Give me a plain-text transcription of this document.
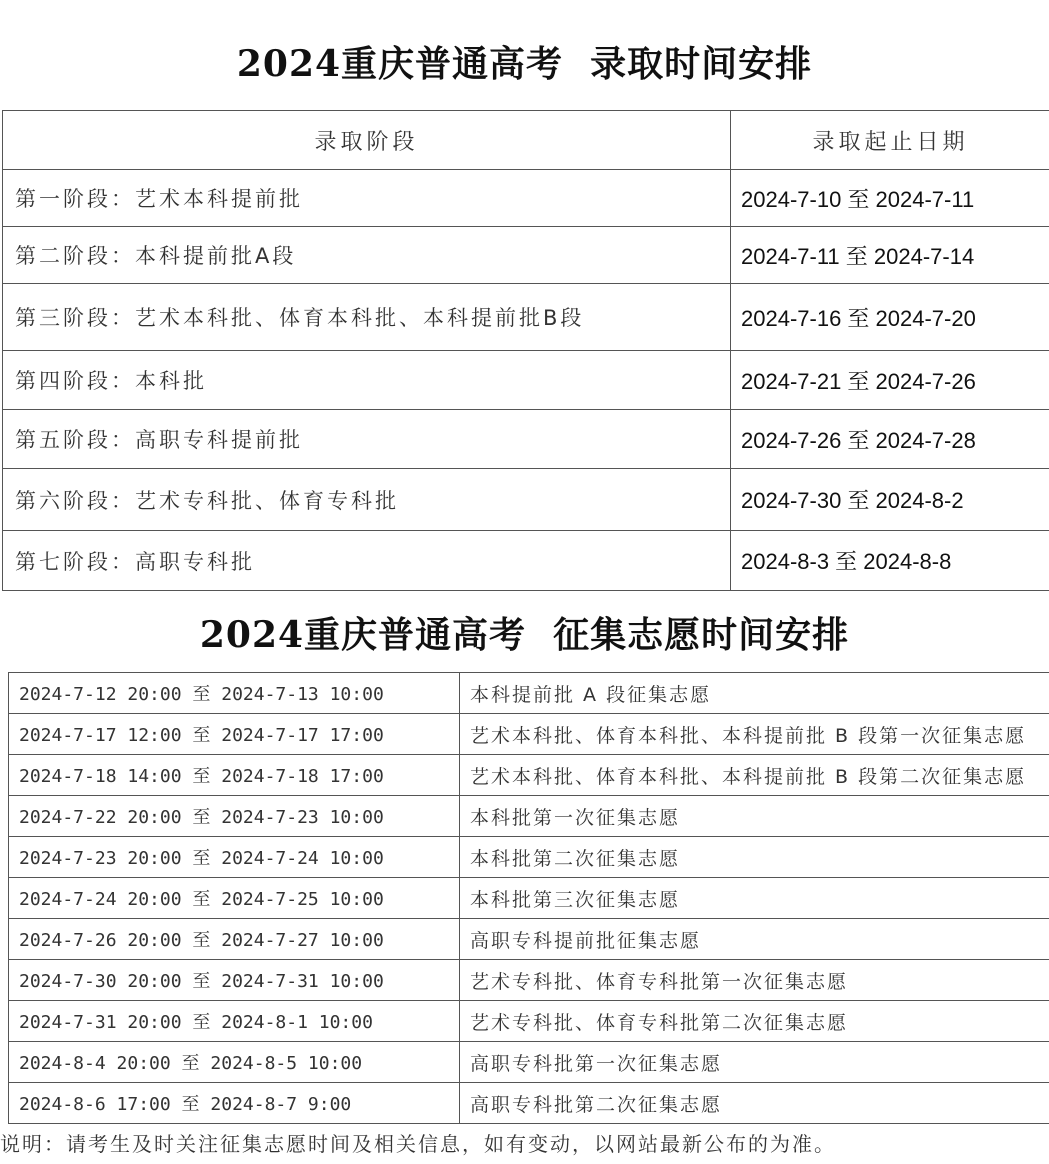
2024重庆普通高考  录取时间安排
录取阶段	录取起止日期
第一阶段：艺术本科提前批	2024-7-10 至 2024-7-11
第二阶段：本科提前批A段	2024-7-11 至 2024-7-14
第三阶段：艺术本科批、体育本科批、本科提前批B段	2024-7-16 至 2024-7-20
第四阶段：本科批	2024-7-21 至 2024-7-26
第五阶段：高职专科提前批	2024-7-26 至 2024-7-28
第六阶段：艺术专科批、体育专科批	2024-7-30 至 2024-8-2
第七阶段：高职专科批	2024-8-3 至 2024-8-8
2024重庆普通高考  征集志愿时间安排
2024-7-12 20:00 至 2024-7-13 10:00	本科提前批 A 段征集志愿
2024-7-17 12:00 至 2024-7-17 17:00	艺术本科批、体育本科批、本科提前批 B 段第一次征集志愿
2024-7-18 14:00 至 2024-7-18 17:00	艺术本科批、体育本科批、本科提前批 B 段第二次征集志愿
2024-7-22 20:00 至 2024-7-23 10:00	本科批第一次征集志愿
2024-7-23 20:00 至 2024-7-24 10:00	本科批第二次征集志愿
2024-7-24 20:00 至 2024-7-25 10:00	本科批第三次征集志愿
2024-7-26 20:00 至 2024-7-27 10:00	高职专科提前批征集志愿
2024-7-30 20:00 至 2024-7-31 10:00	艺术专科批、体育专科批第一次征集志愿
2024-7-31 20:00 至 2024-8-1 10:00	艺术专科批、体育专科批第二次征集志愿
2024-8-4 20:00 至 2024-8-5 10:00	高职专科批第一次征集志愿
2024-8-6 17:00 至 2024-8-7 9:00	高职专科批第二次征集志愿
说明：请考生及时关注征集志愿时间及相关信息，如有变动，以网站最新公布的为准。
